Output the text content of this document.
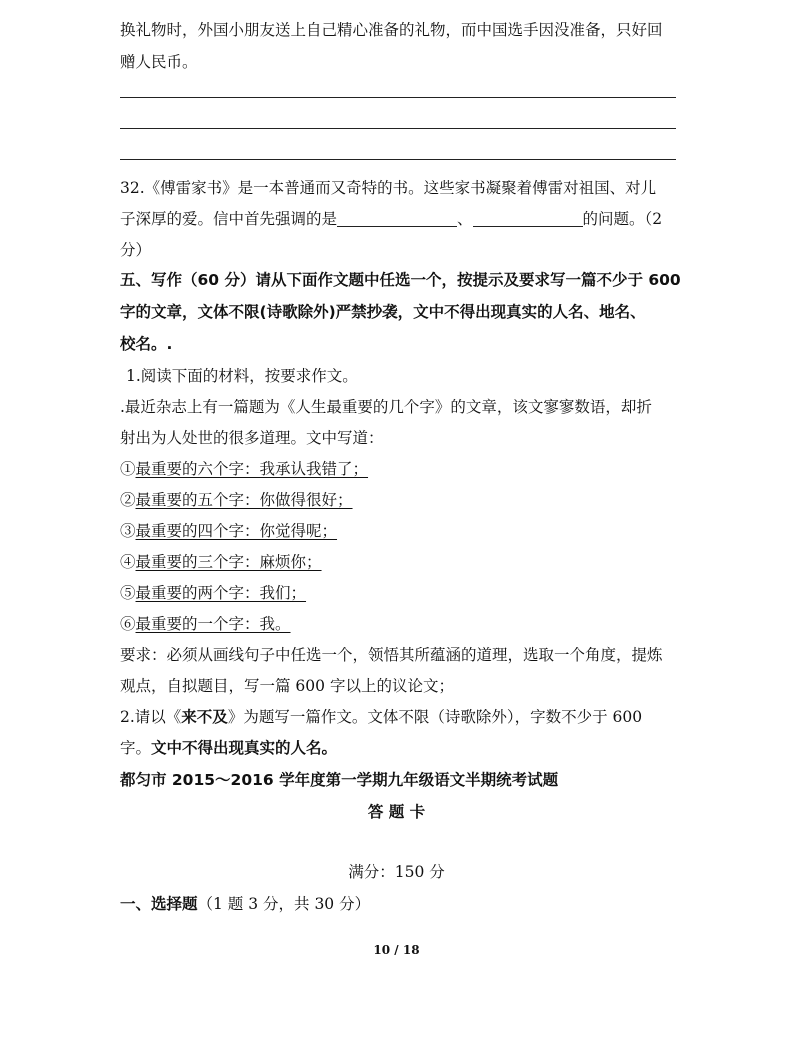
换礼物时，外国小朋友送上自己精心准备的礼物，而中国选手因没准备，只好回
赠人民币。
32.《傅雷家书》是一本普通而又奇特的书。这些家书凝聚着傅雷对祖国、对儿
子深厚的爱。信中首先强调的是	、	的问题。（2
分）
五、写作（60 分）请从下面作文题中任选一个，按提示及要求写一篇不少于 600
字的文章，文体不限(诗歌除外)严禁抄袭，文中不得出现真实的人名、地名、
校名。.
1.阅读下面的材料，按要求作文。
.最近杂志上有一篇题为《人生最重要的几个字》的文章，该文寥寥数语，却折
射出为人处世的很多道理。文中写道：
①最重要的六个字：我承认我错了；
②最重要的五个字：你做得很好；
③最重要的四个字：你觉得呢；
④最重要的三个字：麻烦你；
⑤最重要的两个字：我们；
⑥最重要的一个字：我。
要求：必须从画线句子中任选一个，领悟其所蕴涵的道理，选取一个角度，提炼
观点，自拟题目，写一篇 600 字以上的议论文；
2.请以《来不及》为题写一篇作文。文体不限（诗歌除外），字数不少于 600
字。文中不得出现真实的人名。
都匀市 2015～2016 学年度第一学期九年级语文半期统考试题
答 题 卡
满分：150 分
一、选择题（1 题 3 分，共 30 分）
10 / 18
